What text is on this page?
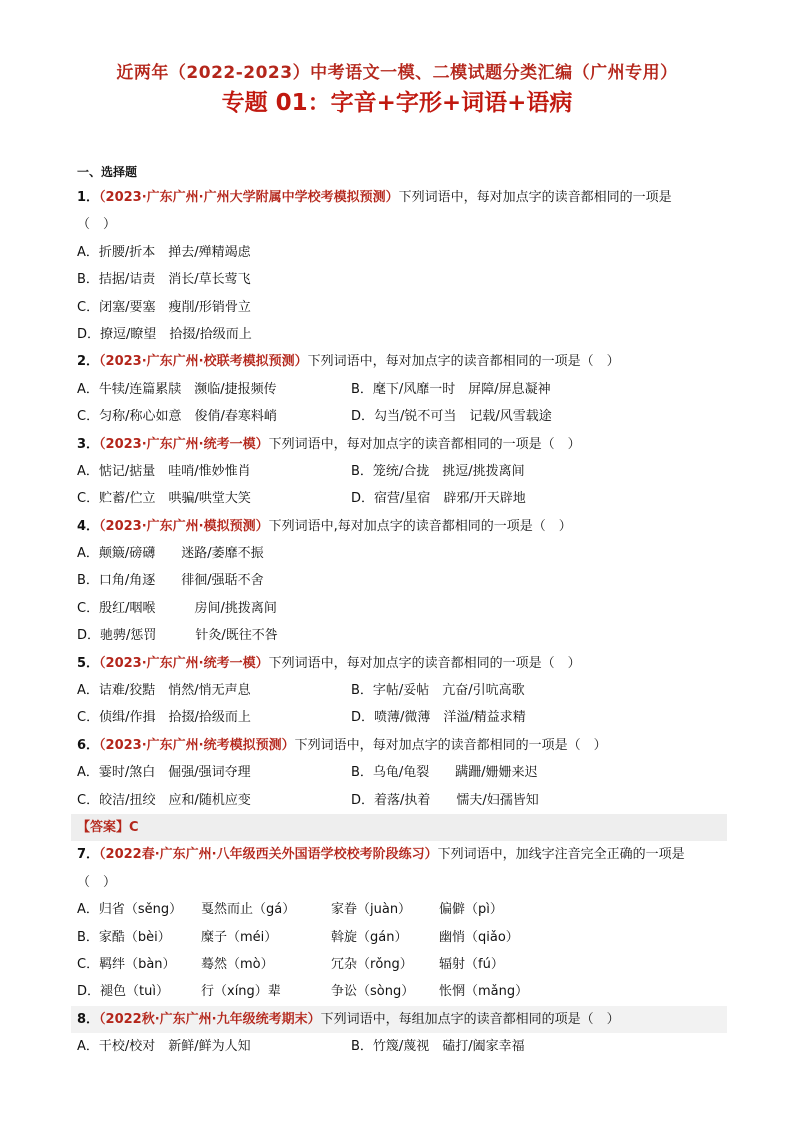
近两年（2022-2023）中考语文一模、二模试题分类汇编（广州专用）
专题 01：字音+字形+词语+语病
一、选择题
1．（2023·广东广州·广州大学附属中学校考模拟预测）下列词语中，每对加点字的读音都相同的一项是
（　）
A．折腰/折本　掸去/殚精竭虑
B．拮据/诘责　消长/草长莺飞
C．闭塞/要塞　瘦削/形销骨立
D．撩逗/瞭望　拾掇/拾级而上
2．（2023·广东广州·校联考模拟预测）下列词语中，每对加点字的读音都相同的一项是（　）
A．牛犊/连篇累牍　濒临/捷报频传	B．麾下/风靡一时　屏障/屏息凝神
C．匀称/称心如意　俊俏/春寒料峭	D．勾当/锐不可当　记载/风雪载途
3．（2023·广东广州·统考一模）下列词语中，每对加点字的读音都相同的一项是（　）
A．惦记/掂量　哇哨/惟妙惟肖	B．笼统/合拢　挑逗/挑拨离间
C．贮蓄/伫立　哄骗/哄堂大笑	D．宿营/星宿　辟邪/开天辟地
4．（2023·广东广州·模拟预测）下列词语中,每对加点字的读音都相同的一项是（　）
A．颠簸/磅礴　　迷路/萎靡不振
B．口角/角逐　　徘徊/强聒不舍
C．殷红/咽喉　　　房间/挑拨离间
D．驰骋/惩罚　　　针灸/既往不咎
5．（2023·广东广州·统考一模）下列词语中，每对加点字的读音都相同的一项是（　）
A．诘难/狡黠　悄然/悄无声息	B．字帖/妥帖　亢奋/引吭高歌
C．侦缉/作揖　拾掇/拾级而上	D．喷薄/微薄　洋溢/精益求精
6．（2023·广东广州·统考模拟预测）下列词语中，每对加点字的读音都相同的一项是（　）
A．霎时/煞白　倔强/强词夺理	B．乌龟/龟裂　　蹒跚/姗姗来迟
C．皎洁/扭绞　应和/随机应变	D．着落/执着　　懦夫/妇孺皆知
【答案】C
7．（2022春·广东广州·八年级西关外国语学校校考阶段练习）下列词语中，加线字注音完全正确的一项是
（　）
A．归省（sěng） 戛然而止（gá）	家眷（juàn） 偏僻（pì）
B．家酷（bèi） 糜子（méi）	斡旋（gán） 幽悄（qiǎo）
C．羁绊（bàn） 蓦然（mò）	冗杂（rǒng） 辐射（fú）
D．褪色（tuì） 行（xíng）辈	争讼（sòng） 怅惘（mǎng）
8．（2022秋·广东广州·九年级统考期末）下列词语中，每组加点字的读音都相同的项是（　）
A．干校/校对　新鲜/鲜为人知	B．竹篾/蔑视　磕打/阖家幸福
